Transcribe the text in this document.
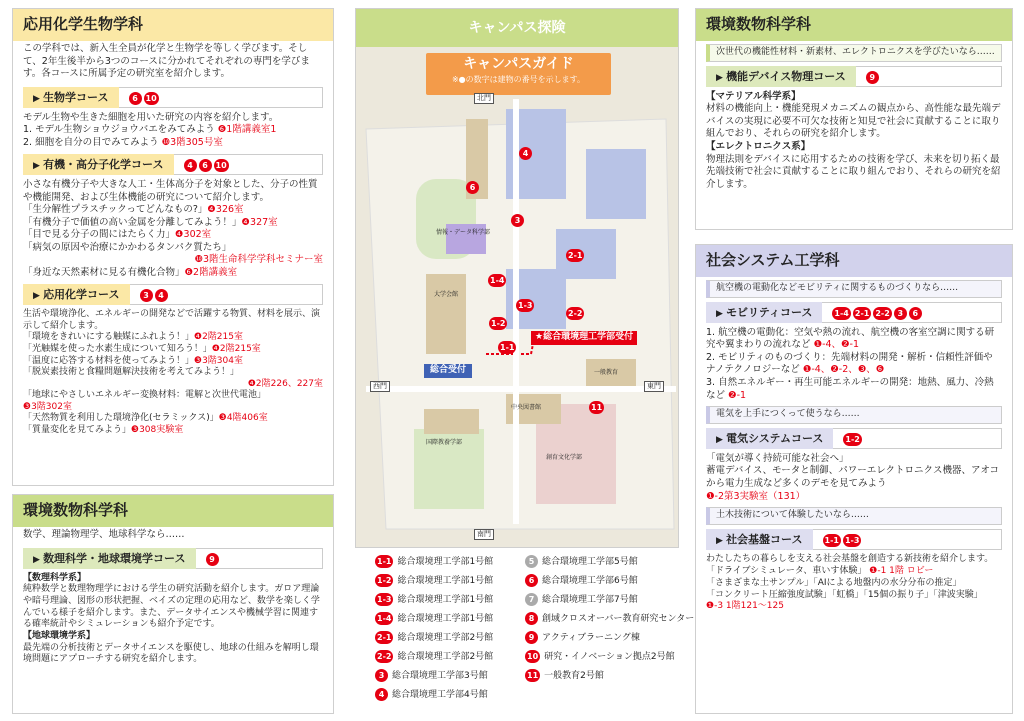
応用化学生物学科
この学科では、新入生全員が化学と生物学を等しく学びます。そして、2年生後半から3つのコースに分かれてそれぞれの専門を学びます。各コースに所属予定の研究室を紹介します。
▶ 生物学コース	6 10
モデル生物や生きた細胞を用いた研究の内容を紹介します。
1. モデル生物ショウジョウバエをみてみよう ❻1階講義室1
2. 細胞を自分の目でみてみよう ❿3階305号室
▶ 有機・高分子化学コース	4 6 10
小さな有機分子や大きな人工・生体高分子を対象とした、分子の性質や機能開発、および生体機能の研究について紹介します。
「生分解性プラスチックってどんなもの?」❹326室
「有機分子で価値の高い金属を分離してみよう！」❹327室
「目で見る分子の間にはたらく力」❹302室
「病気の原因や治療にかかわるタンパク質たち」
❿3階生命科学学科セミナー室
「身近な天然素材に見る有機化合物」❻2階講義室
▶ 応用化学コース	3 4
生活や環境浄化、エネルギーの開発などで活躍する物質、材料を展示、演示して紹介します。
「環境をきれいにする触媒にふれよう！」❹2階215室
「光触媒を使った水素生成について知ろう！」❹2階215室
「温度に応答する材料を使ってみよう！」❸3階304室
「脱炭素技術と食糧問題解決技術を考えてみよう！」
❹2階226、227室
「地球にやさしいエネルギー変換材料：電解と次世代電池」
❸3階302室
「天然物質を利用した環境浄化(セラミックス)」❸4階406室
「質量変化を見てみよう」❸308実験室
環境数物科学科
数学、理論物理学、地球科学なら……
▶ 数理科学・地球環境学コース	9
【数理科学系】
純粋数学と数理物理学における学生の研究活動を紹介します。ガロア理論や暗号理論、図形の形状把握、ベイズの定理の応用など、数学を楽しく学んでいる様子を紹介します。また、データサイエンスや機械学習に関連する確率統計やシミュレーションも紹介予定です。
【地球環境学系】
最先端の分析技術とデータサイエンスを駆使し、地球の仕組みを解明し環境問題にアプローチする研究を紹介します。
キャンパス探険
キャンパスガイド
※●の数字は建物の番号を示します。
★総合環境理工学部受付
総合受付
北門
南門
東門
西門
情報・データ科学部
大学会館
一般教育
中央図書館
国際教養学部
創育文化学部
4
6
3
1-4
2-1
1-3
2-2
1-2
1-1
11
1-1 総合環境理工学部1号館
1-2 総合環境理工学部1号館
1-3 総合環境理工学部1号館
1-4 総合環境理工学部1号館
2-1 総合環境理工学部2号館
2-2 総合環境理工学部2号館
3 総合環境理工学部3号館
4 総合環境理工学部4号館
5 総合環境理工学部5号館
6 総合環境理工学部6号館
7 総合環境理工学部7号館
8 創域クロスオーバー教育研究センター
9 アクティブラーニング棟
10 研究・イノベーション拠点2号館
11 一般教育2号館
環境数物科学科
次世代の機能性材料・新素材、エレクトロニクスを学びたいなら……
▶ 機能デバイス物理コース	9
【マテリアル科学系】
材料の機能向上・機能発現メカニズムの観点から、高性能な最先端デバイスの実現に必要不可欠な技術と知見で社会に貢献することに取り組んでおり、それらの研究を紹介します。
【エレクトロニクス系】
物理法則をデバイスに応用するための技術を学び、未来を切り拓く最先端技術で社会に貢献することに取り組んでおり、それらの研究を紹介します。
社会システム工学科
航空機の電動化などモビリティに関するものづくりなら……
▶ モビリティコース	1-4 2-1 2-2 3 6
1. 航空機の電動化：空気や熱の流れ、航空機の客室空調に関する研究や翼まわりの流れなど ❶-4、❷-1
2. モビリティのものづくり：先端材料の開発・解析・信頼性評価やナノテクノロジーなど ❶-4、❷-2、❸、❻
3. 自然エネルギー・再生可能エネルギーの開発：地熱、風力、冷熱など ❷-1
電気を上手につくって使うなら……
▶ 電気システムコース	1-2
「電気が導く持続可能な社会へ」
蓄電デバイス、モータと制御、パワーエレクトロニクス機器、アオコから電力生成など多くのデモを見てみよう
❶-2第3実験室（131）
土木技術について体験したいなら……
▶ 社会基盤コース	1-1 1-3
わたしたちの暮らしを支える社会基盤を創造する新技術を紹介します。
「ドライブシミュレータ、車いす体験」 ❶-1 1階 ロビー
「さまざまな土サンプル」「AIによる地盤内の水分分布の推定」
「コンクリート圧縮強度試験」「虹橋」「15個の振り子」「津波実験」 ❶-3 1階121〜125
